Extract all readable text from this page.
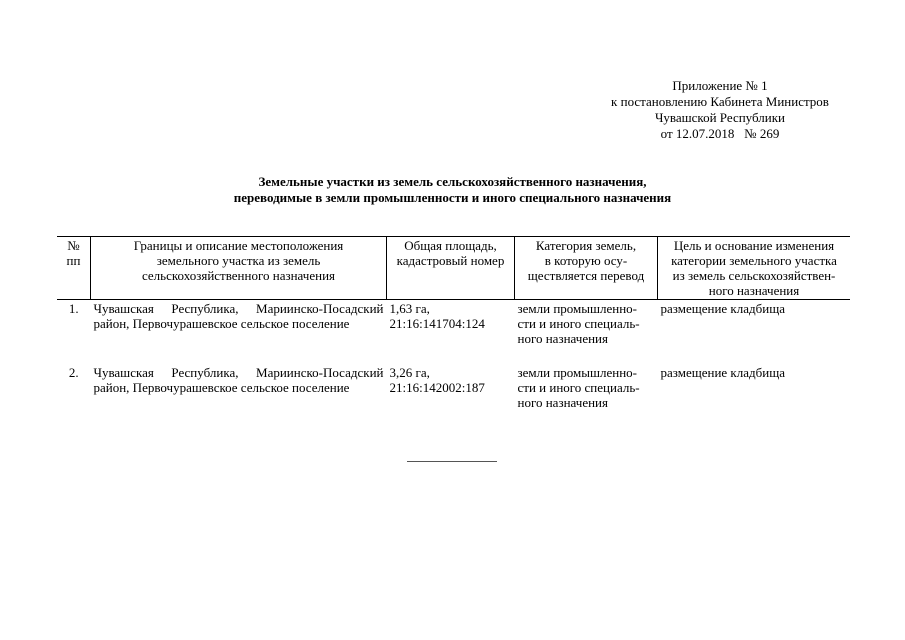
Приложение № 1
к постановлению Кабинета Министров
Чувашской Республики
от 12.07.2018   № 269
Земельные участки из земель сельскохозяйственного назначения,
переводимые в земли промышленности и иного специального назначения
№
пп	Границы и описание местоположения
земельного участка из земель
сельскохозяйственного назначения	Общая площадь,
кадастровый номер	Категория земель,
в которую осу-
ществляется перевод	Цель и основание изменения
категории земельного участка
из земель сельскохозяйствен-
ного назначения
1.	Чувашская Республика, Мариинско-Посадский район, Первочурашевское сельское поселение	1,63 га,
21:16:141704:124	земли промышленно-
сти и иного специаль-
ного назначения	размещение кладбища
2.	Чувашская Республика, Мариинско-Посадский район, Первочурашевское сельское поселение	3,26 га,
21:16:142002:187	земли промышленно-
сти и иного специаль-
ного назначения	размещение кладбища
